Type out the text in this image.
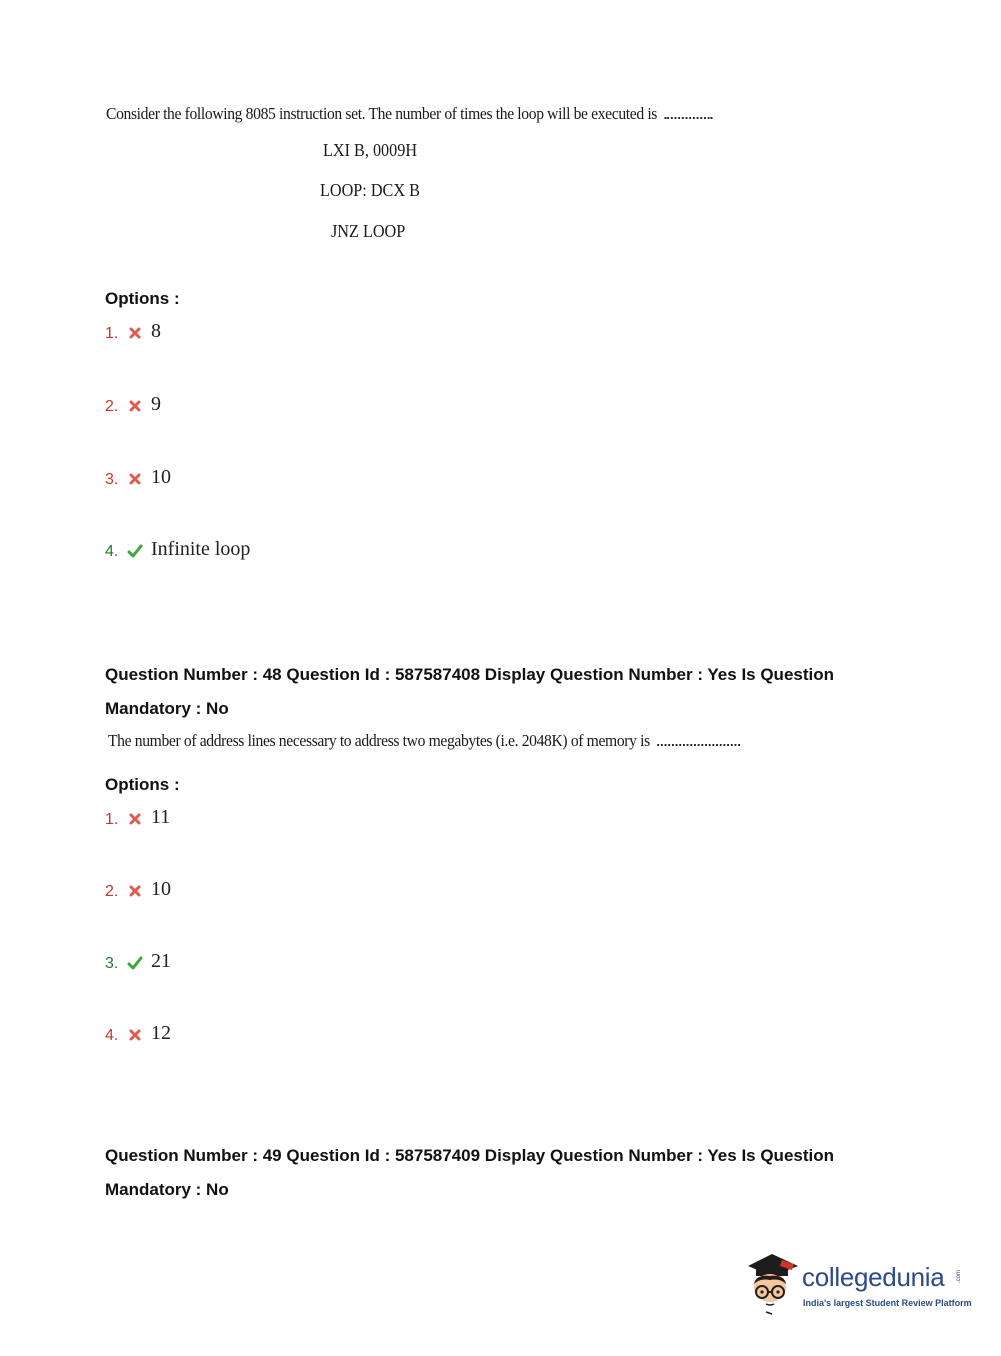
Consider the following 8085 instruction set. The number of times the loop will be executed is
LXI B, 0009H
LOOP: DCX B
JNZ LOOP
Options :
1.	8
2.	9
3.	10
4.	Infinite loop
Question Number : 48 Question Id : 587587408 Display Question Number : Yes Is Question
Mandatory : No
The number of address lines necessary to address two megabytes (i.e. 2048K) of memory is
Options :
1.	11
2.	10
3.	21
4.	12
Question Number : 49 Question Id : 587587409 Display Question Number : Yes Is Question
Mandatory : No
collegedunia .com
India's largest Student Review Platform
